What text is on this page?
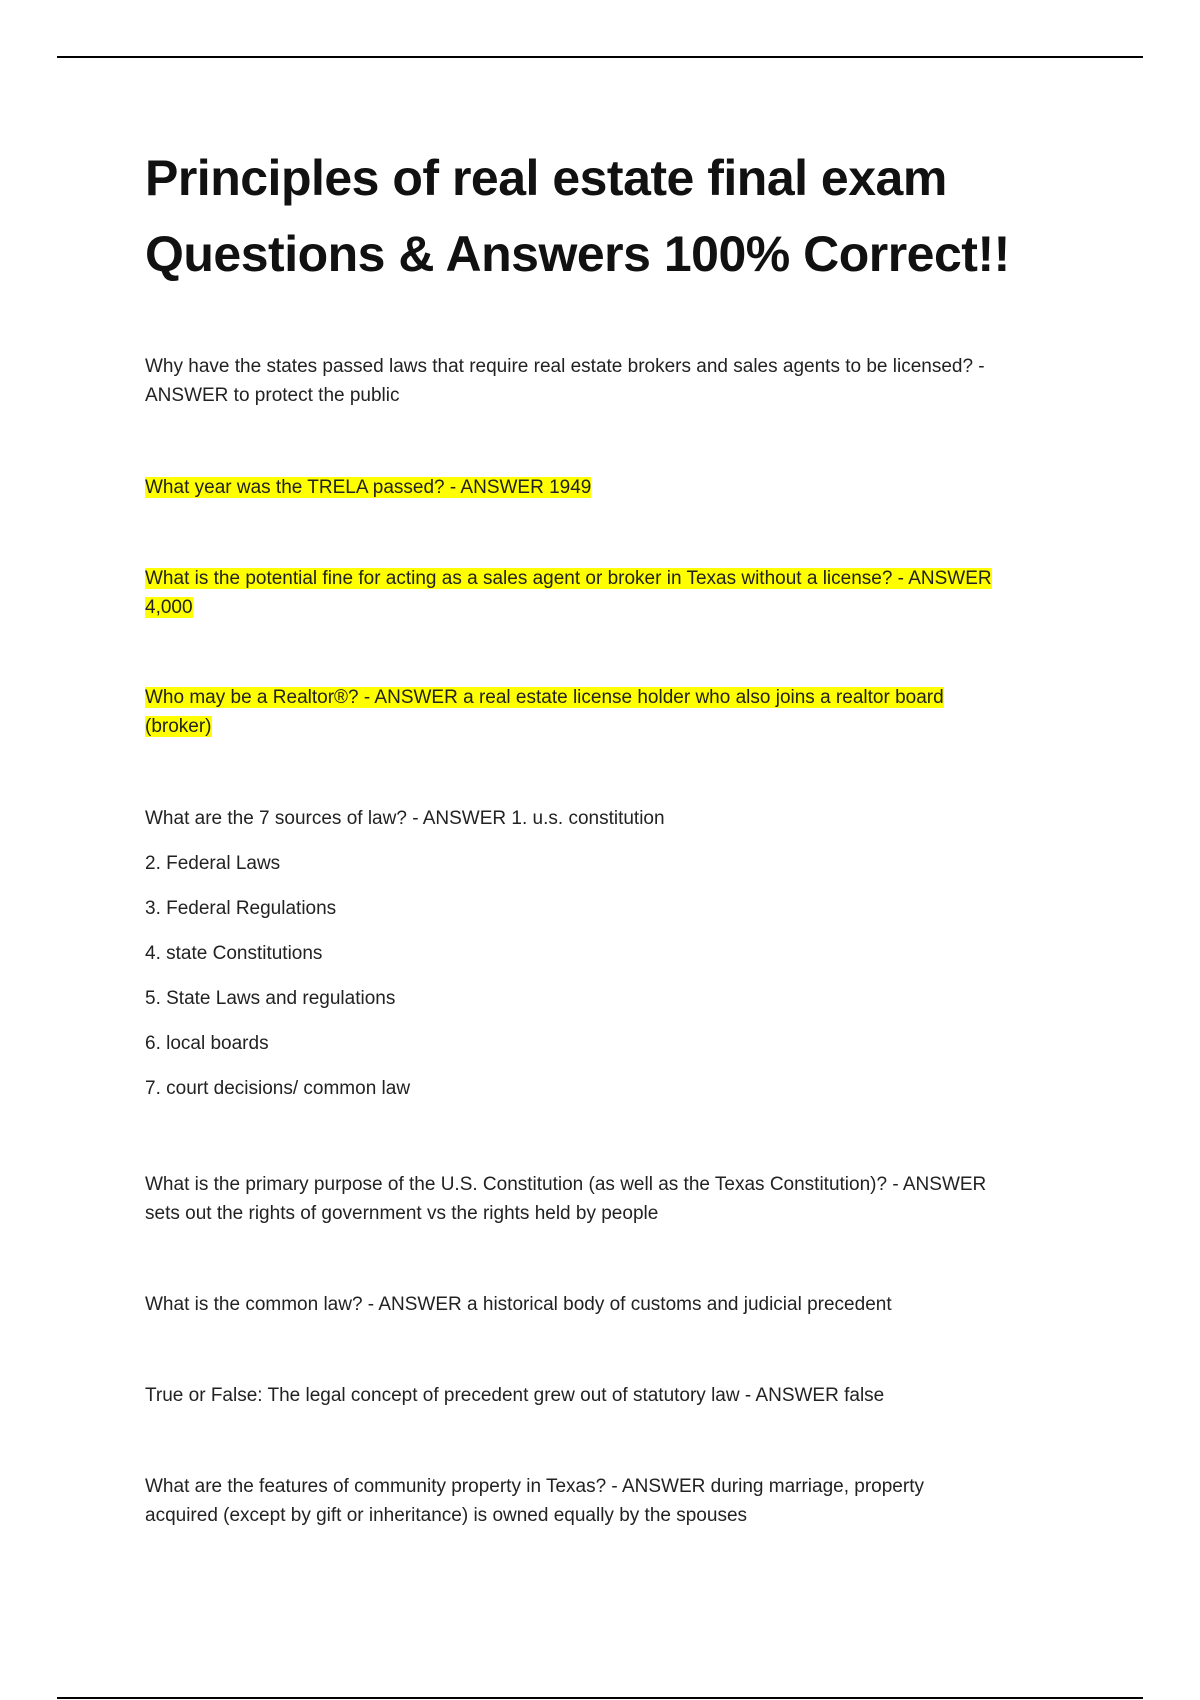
Principles of real estate final exam
Questions & Answers 100% Correct!!

Why have the states passed laws that require real estate brokers and sales agents to be licensed? -
ANSWER to protect the public

What year was the TRELA passed? - ANSWER 1949

What is the potential fine for acting as a sales agent or broker in Texas without a license? - ANSWER
4,000

Who may be a Realtor®? - ANSWER a real estate license holder who also joins a realtor board
(broker)

What are the 7 sources of law? - ANSWER 1. u.s. constitution

2. Federal Laws

3. Federal Regulations

4. state Constitutions

5. State Laws and regulations

6. local boards

7. court decisions/ common law

What is the primary purpose of the U.S. Constitution (as well as the Texas Constitution)? - ANSWER
sets out the rights of government vs the rights held by people

What is the common law? - ANSWER a historical body of customs and judicial precedent

True or False: The legal concept of precedent grew out of statutory law - ANSWER false

What are the features of community property in Texas? - ANSWER during marriage, property
acquired (except by gift or inheritance) is owned equally by the spouses
